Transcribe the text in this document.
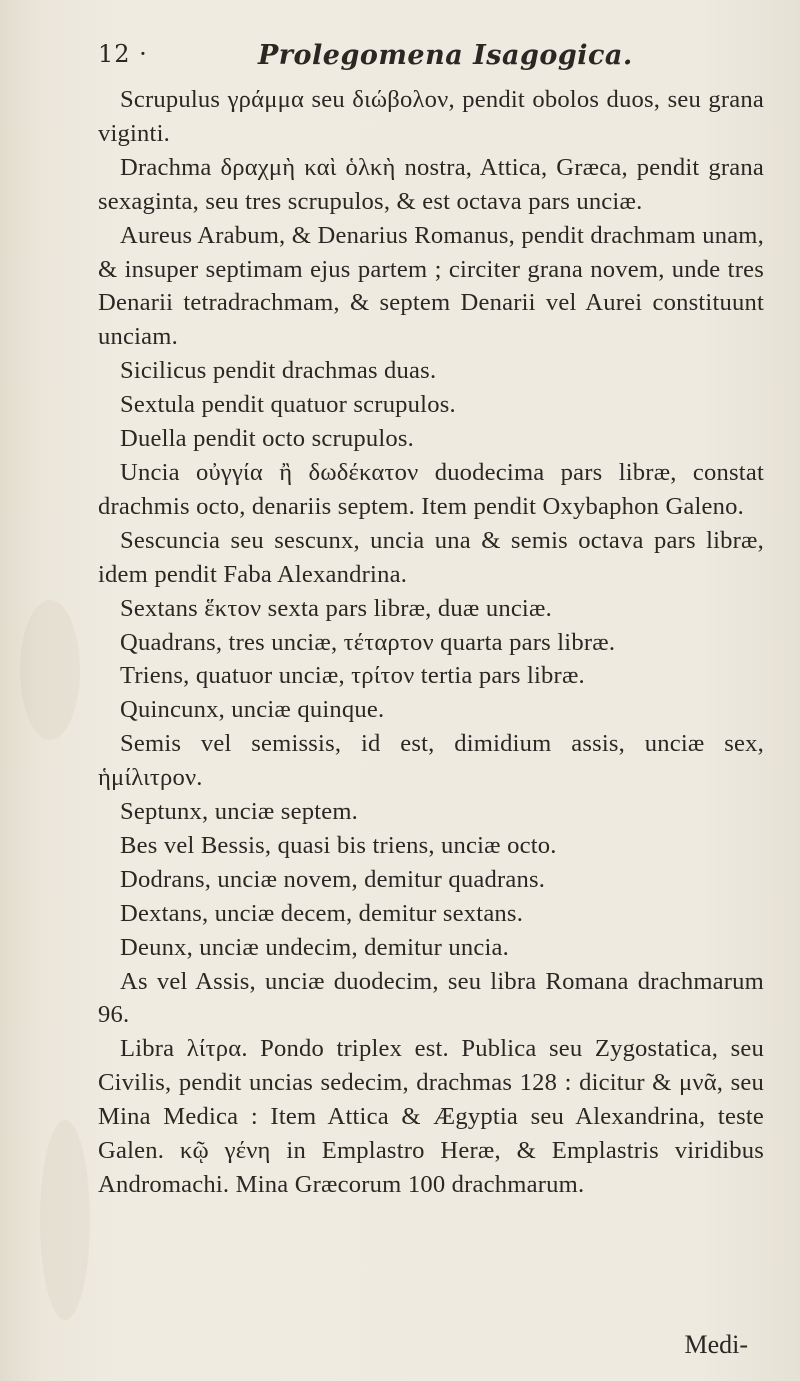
12 ·	Prolegomena Isagogica.

Scrupulus γράμμα seu διώβολον, pendit obolos duos, seu grana viginti.

Drachma δραχμὴ καὶ ὁλκὴ nostra, Attica, Græca, pendit grana sexaginta, seu tres scrupulos, & est octava pars unciæ.

Aureus Arabum, & Denarius Romanus, pendit drachmam unam, & insuper septimam ejus partem ; circiter grana novem, unde tres Denarii tetradrachmam, & septem Denarii vel Aurei constituunt unciam.

Sicilicus pendit drachmas duas.

Sextula pendit quatuor scrupulos.

Duella pendit octo scrupulos.

Uncia οὐγγία ἢ δωδέκατον duodecima pars libræ, constat drachmis octo, denariis septem. Item pendit Oxybaphon Galeno.

Sescuncia seu sescunx, uncia una & semis octava pars libræ, idem pendit Faba Alexandrina.

Sextans ἕκτον sexta pars libræ, duæ unciæ.

Quadrans, tres unciæ, τέταρτον quarta pars libræ.

Triens, quatuor unciæ, τρίτον tertia pars libræ.

Quincunx, unciæ quinque.

Semis vel semissis, id est, dimidium assis, unciæ sex, ἡμίλιτρον.

Septunx, unciæ septem.

Bes vel Bessis, quasi bis triens, unciæ octo.

Dodrans, unciæ novem, demitur quadrans.

Dextans, unciæ decem, demitur sextans.

Deunx, unciæ undecim, demitur uncia.

As vel Assis, unciæ duodecim, seu libra Romana drachmarum 96.

Libra λίτρα. Pondo triplex est. Publica seu Zygostatica, seu Civilis, pendit uncias sedecim, drachmas 128 : dicitur & μνᾶ, seu Mina Medica : Item Attica & Ægyptia seu Alexandrina, teste Galen. κῷ γένη in Emplastro Heræ, & Emplastris viridibus Andromachi. Mina Græcorum 100 drachmarum.

Medi-
